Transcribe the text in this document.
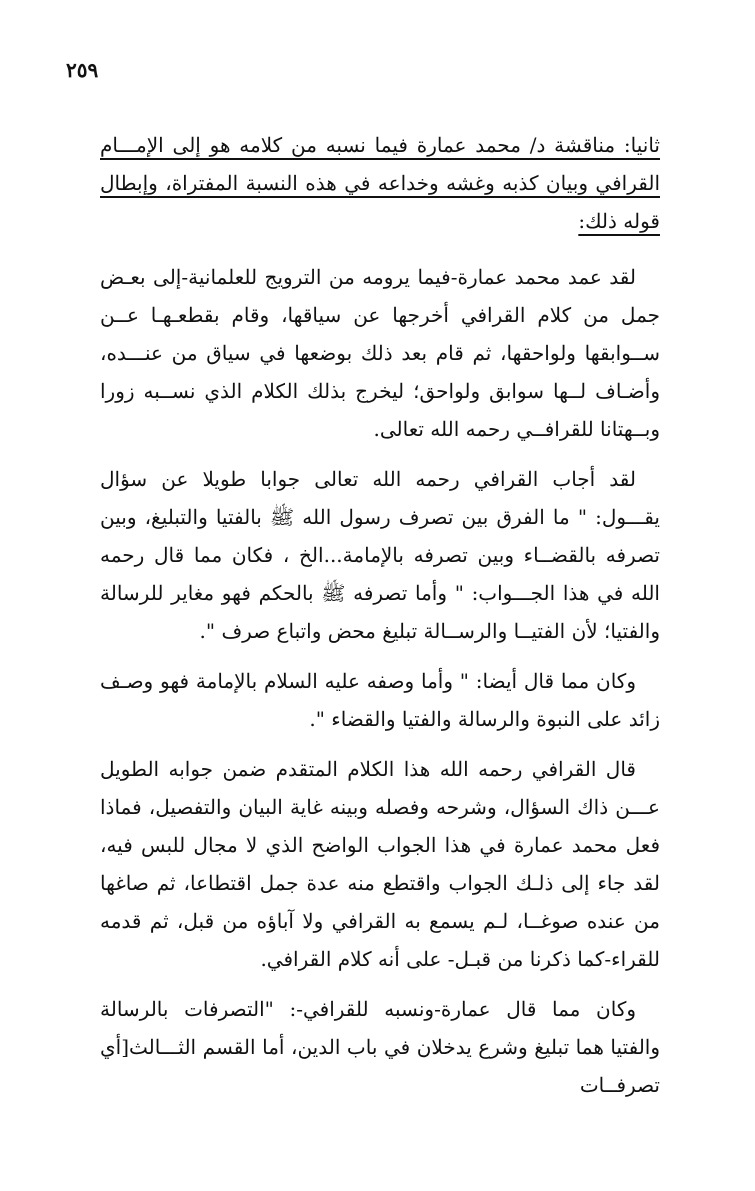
٢٥٩

ثانيا: مناقشة د/ محمد عمارة فيما نسبه من كلامه هو إلى الإمـــام القرافي وبيان كذبه وغشه وخداعه في هذه النسبة المفتراة، وإبطال قوله ذلك:

لقد عمد محمد عمارة-فيما يرومه من الترويج للعلمانية-إلى بعـض جمل من كلام القرافي أخرجها عن سياقها، وقام بقطعـهـا عــن ســوابقها ولواحقها، ثم قام بعد ذلك بوضعها في سياق من عنـــده، وأضـاف لــها سوابق ولواحق؛ ليخرج بذلك الكلام الذي نســبه زورا وبــهتانا للقرافــي رحمه الله تعالى.

لقد أجاب القرافي رحمه الله تعالى جوابا طويلا عن سؤال يقـــول: " ما الفرق بين تصرف رسول الله ﷺ بالفتيا والتبليغ، وبين تصرفه بالقضــاء وبين تصرفه بالإمامة...الخ ، فكان مما قال رحمه الله في هذا الجـــواب: " وأما تصرفه ﷺ بالحكم فهو مغاير للرسالة والفتيا؛ لأن الفتيــا والرســالة تبليغ محض واتباع صرف ".

وكان مما قال أيضا: " وأما وصفه عليه السلام بالإمامة فهو وصـف زائد على النبوة والرسالة والفتيا والقضاء ".

قال القرافي رحمه الله هذا الكلام المتقدم ضمن جوابه الطويل عـــن ذاك السؤال، وشرحه وفصله وبينه غاية البيان والتفصيل، فماذا فعل محمد عمارة في هذا الجواب الواضح الذي لا مجال للبس فيه، لقد جاء إلى ذلـك الجواب واقتطع منه عدة جمل اقتطاعا، ثم صاغها من عنده صوغــا، لـم يسمع به القرافي ولا آباؤه من قبل، ثم قدمه للقراء-كما ذكرنا من قبـل- على أنه كلام القرافي.

وكان مما قال عمارة-ونسبه للقرافي-: "التصرفات بالرسالة والفتيا هما تبليغ وشرع يدخلان في باب الدين، أما القسم الثـــالث[أي تصرفــات
